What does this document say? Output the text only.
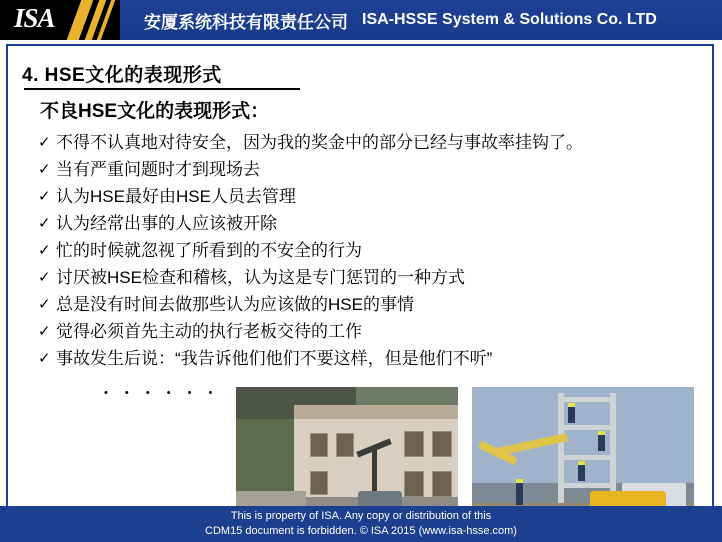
ISA	安厦系统科技有限责任公司 ISA-HSSE System & Solutions Co. LTD
4. HSE文化的表现形式
不良HSE文化的表现形式：
✓ 不得不认真地对待安全，因为我的奖金中的部分已经与事故率挂钩了。
✓ 当有严重问题时才到现场去
✓ 认为HSE最好由HSE人员去管理
✓ 认为经常出事的人应该被开除
✓ 忙的时候就忽视了所看到的不安全的行为
✓ 讨厌被HSE检查和稽核，认为这是专门惩罚的一种方式
✓ 总是没有时间去做那些认为应该做的HSE的事情
✓ 觉得必须首先主动的执行老板交待的工作
✓ 事故发生后说：“我告诉他们他们不要这样，但是他们不听”
• • • • • •
This is property of ISA. Any copy or distribution of this
CDM15 document is forbidden. © ISA 2015 (www.isa-hsse.com)
